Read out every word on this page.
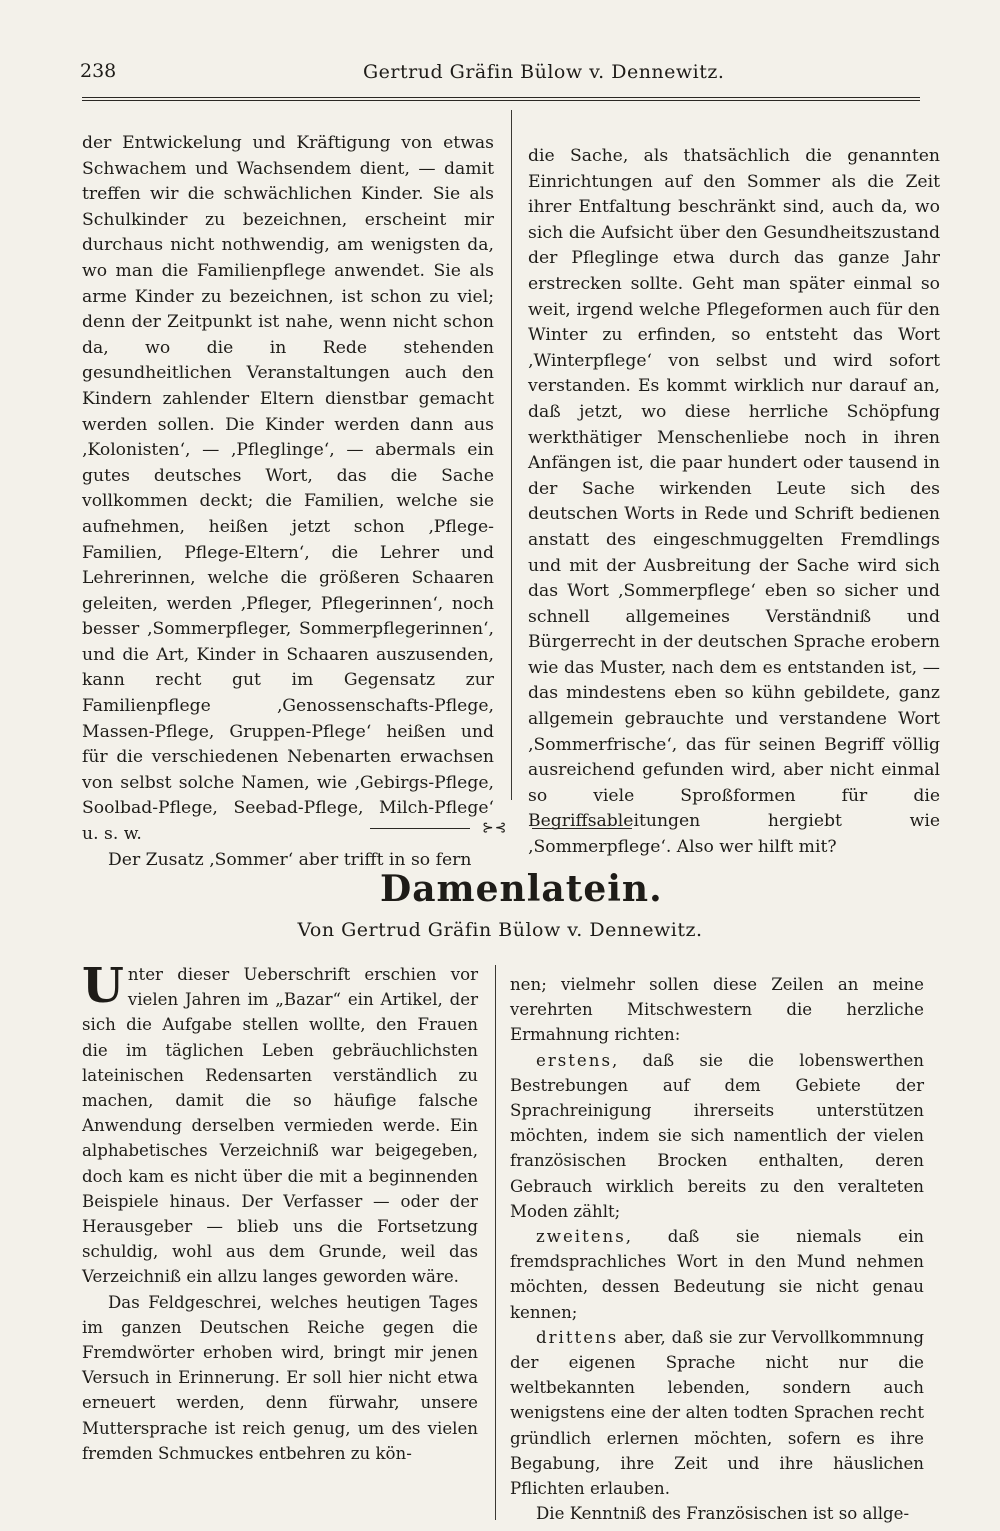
238	Gertrud Gräfin Bülow v. Dennewitz.

der Entwickelung und Kräftigung von etwas Schwachem und Wachsendem dient, — damit treffen wir die schwächlichen Kinder. Sie als Schulkinder zu bezeichnen, erscheint mir durchaus nicht nothwendig, am wenigsten da, wo man die Familienpflege anwendet. Sie als arme Kinder zu bezeichnen, ist schon zu viel; denn der Zeitpunkt ist nahe, wenn nicht schon da, wo die in Rede stehenden gesundheitlichen Veranstaltungen auch den Kindern zahlender Eltern dienstbar gemacht werden sollen. Die Kinder werden dann aus ‚Kolonisten‘, — ‚Pfleglinge‘, — abermals ein gutes deutsches Wort, das die Sache vollkommen deckt; die Familien, welche sie aufnehmen, heißen jetzt schon ‚Pflege-Familien, Pflege-Eltern‘, die Lehrer und Lehrerinnen, welche die größeren Schaaren geleiten, werden ‚Pfleger, Pflegerinnen‘, noch besser ‚Sommerpfleger, Sommerpflegerinnen‘, und die Art, Kinder in Schaaren auszusenden, kann recht gut im Gegensatz zur Familienpflege ‚Genossenschafts-Pflege, Massen-Pflege, Gruppen-Pflege‘ heißen und für die verschiedenen Nebenarten erwachsen von selbst solche Namen, wie ‚Gebirgs-Pflege, Soolbad-Pflege, Seebad-Pflege, Milch-Pflege‘ u. s. w.

Der Zusatz ‚Sommer‘ aber trifft in so fern

die Sache, als thatsächlich die genannten Einrichtungen auf den Sommer als die Zeit ihrer Entfaltung beschränkt sind, auch da, wo sich die Aufsicht über den Gesundheitszustand der Pfleglinge etwa durch das ganze Jahr erstrecken sollte. Geht man später einmal so weit, irgend welche Pflegeformen auch für den Winter zu erfinden, so entsteht das Wort ‚Winterpflege‘ von selbst und wird sofort verstanden. Es kommt wirklich nur darauf an, daß jetzt, wo diese herrliche Schöpfung werkthätiger Menschenliebe noch in ihren Anfängen ist, die paar hundert oder tausend in der Sache wirkenden Leute sich des deutschen Worts in Rede und Schrift bedienen anstatt des eingeschmuggelten Fremdlings und mit der Ausbreitung der Sache wird sich das Wort ‚Sommerpflege‘ eben so sicher und schnell allgemeines Verständniß und Bürgerrecht in der deutschen Sprache erobern wie das Muster, nach dem es entstanden ist, — das mindestens eben so kühn gebildete, ganz allgemein gebrauchte und verstandene Wort ‚Sommerfrische‘, das für seinen Begriff völlig ausreichend gefunden wird, aber nicht einmal so viele Sproßformen für die Begriffsableitungen hergiebt wie ‚Sommerpflege‘. Also wer hilft mit?

⊱⊰
Damenlatein.
Von Gertrud Gräfin Bülow v. Dennewitz.

Unter dieser Ueberschrift erschien vor vielen Jahren im „Bazar“ ein Artikel, der sich die Aufgabe stellen wollte, den Frauen die im täglichen Leben gebräuchlichsten lateinischen Redensarten verständlich zu machen, damit die so häufige falsche Anwendung derselben vermieden werde. Ein alphabetisches Verzeichniß war beigegeben, doch kam es nicht über die mit a beginnenden Beispiele hinaus. Der Verfasser — oder der Herausgeber — blieb uns die Fortsetzung schuldig, wohl aus dem Grunde, weil das Verzeichniß ein allzu langes geworden wäre.

Das Feldgeschrei, welches heutigen Tages im ganzen Deutschen Reiche gegen die Fremdwörter erhoben wird, bringt mir jenen Versuch in Erinnerung. Er soll hier nicht etwa erneuert werden, denn fürwahr, unsere Muttersprache ist reich genug, um des vielen fremden Schmuckes entbehren zu kön-

nen; vielmehr sollen diese Zeilen an meine verehrten Mitschwestern die herzliche Ermahnung richten:

erstens, daß sie die lobenswerthen Bestrebungen auf dem Gebiete der Sprachreinigung ihrerseits unterstützen möchten, indem sie sich namentlich der vielen französischen Brocken enthalten, deren Gebrauch wirklich bereits zu den veralteten Moden zählt;

zweitens, daß sie niemals ein fremdsprachliches Wort in den Mund nehmen möchten, dessen Bedeutung sie nicht genau kennen;

drittens aber, daß sie zur Vervollkommnung der eigenen Sprache nicht nur die weltbekannten lebenden, sondern auch wenigstens eine der alten todten Sprachen recht gründlich erlernen möchten, sofern es ihre Begabung, ihre Zeit und ihre häuslichen Pflichten erlauben.

Die Kenntniß des Französischen ist so allge-
